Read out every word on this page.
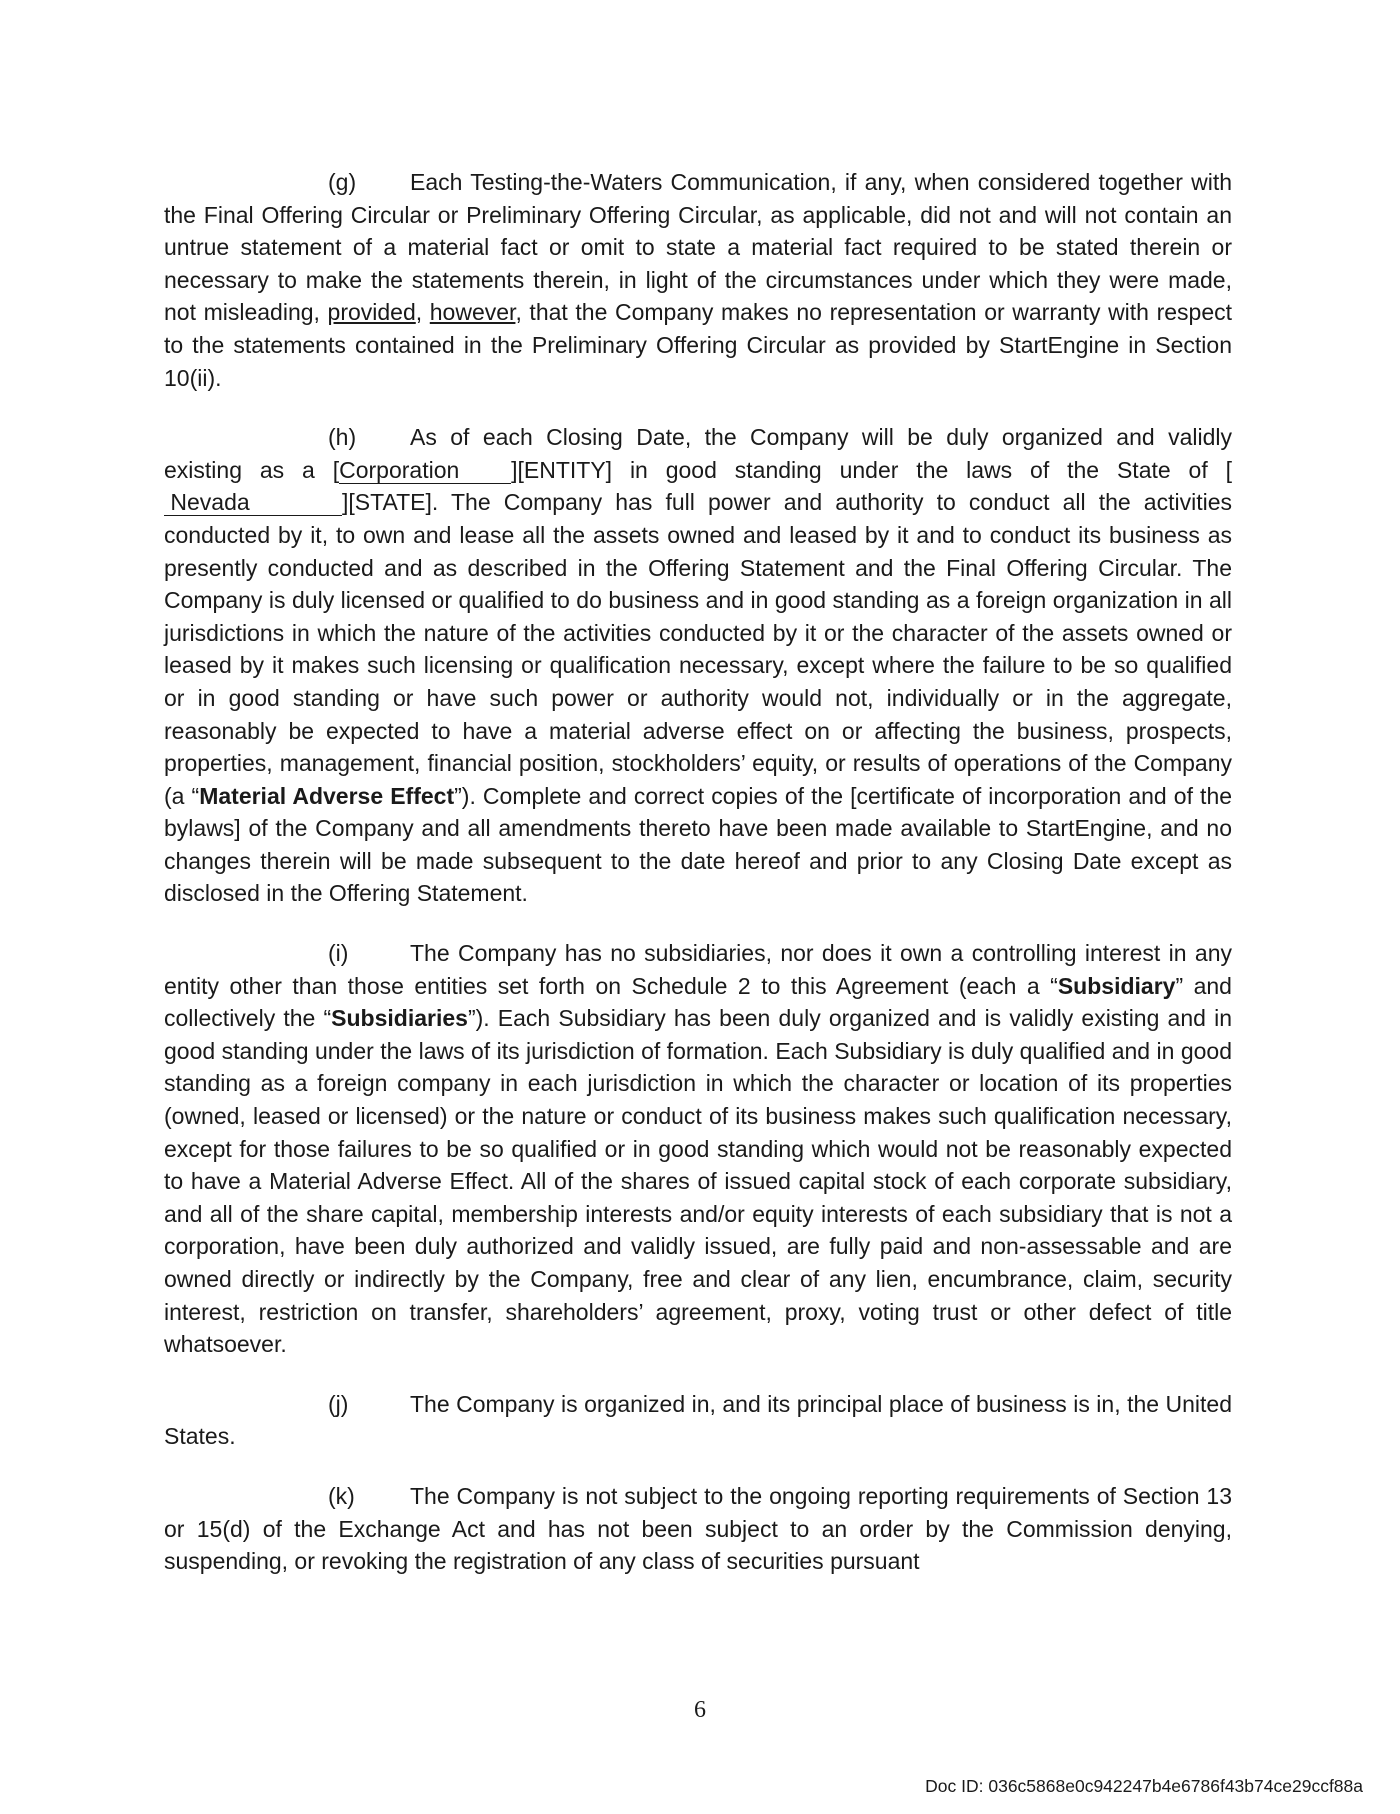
(g) Each Testing-the-Waters Communication, if any, when considered together with the Final Offering Circular or Preliminary Offering Circular, as applicable, did not and will not contain an untrue statement of a material fact or omit to state a material fact required to be stated therein or necessary to make the statements therein, in light of the circumstances under which they were made, not misleading, provided, however, that the Company makes no representation or warranty with respect to the statements contained in the Preliminary Offering Circular as provided by StartEngine in Section 10(ii).

(h) As of each Closing Date, the Company will be duly organized and validly existing as a [Corporation ][ENTITY] in good standing under the laws of the State of [ Nevada	][STATE]. The Company has full power and authority to conduct all the activities conducted by it, to own and lease all the assets owned and leased by it and to conduct its business as presently conducted and as described in the Offering Statement and the Final Offering Circular. The Company is duly licensed or qualified to do business and in good standing as a foreign organization in all jurisdictions in which the nature of the activities conducted by it or the character of the assets owned or leased by it makes such licensing or qualification necessary, except where the failure to be so qualified or in good standing or have such power or authority would not, individually or in the aggregate, reasonably be expected to have a material adverse effect on or affecting the business, prospects, properties, management, financial position, stockholders’ equity, or results of operations of the Company (a “Material Adverse Effect”). Complete and correct copies of the [certificate of incorporation and of the bylaws] of the Company and all amendments thereto have been made available to StartEngine, and no changes therein will be made subsequent to the date hereof and prior to any Closing Date except as disclosed in the Offering Statement.

(i)	The Company has no subsidiaries, nor does it own a controlling interest in any entity other than those entities set forth on Schedule 2 to this Agreement (each a “Subsidiary” and collectively the “Subsidiaries”). Each Subsidiary has been duly organized and is validly existing and in good standing under the laws of its jurisdiction of formation. Each Subsidiary is duly qualified and in good standing as a foreign company in each jurisdiction in which the character or location of its properties (owned, leased or licensed) or the nature or conduct of its business makes such qualification necessary, except for those failures to be so qualified or in good standing which would not be reasonably expected to have a Material Adverse Effect. All of the shares of issued capital stock of each corporate subsidiary, and all of the share capital, membership interests and/or equity interests of each subsidiary that is not a corporation, have been duly authorized and validly issued, are fully paid and non-assessable and are owned directly or indirectly by the Company, free and clear of any lien, encumbrance, claim, security interest, restriction on transfer, shareholders’ agreement, proxy, voting trust or other defect of title whatsoever.

(j)	The Company is organized in, and its principal place of business is in, the United States.

(k) The Company is not subject to the ongoing reporting requirements of Section 13 or 15(d) of the Exchange Act and has not been subject to an order by the Commission denying, suspending, or revoking the registration of any class of securities pursuant

6
Doc ID: 036c5868e0c942247b4e6786f43b74ce29ccf88a
